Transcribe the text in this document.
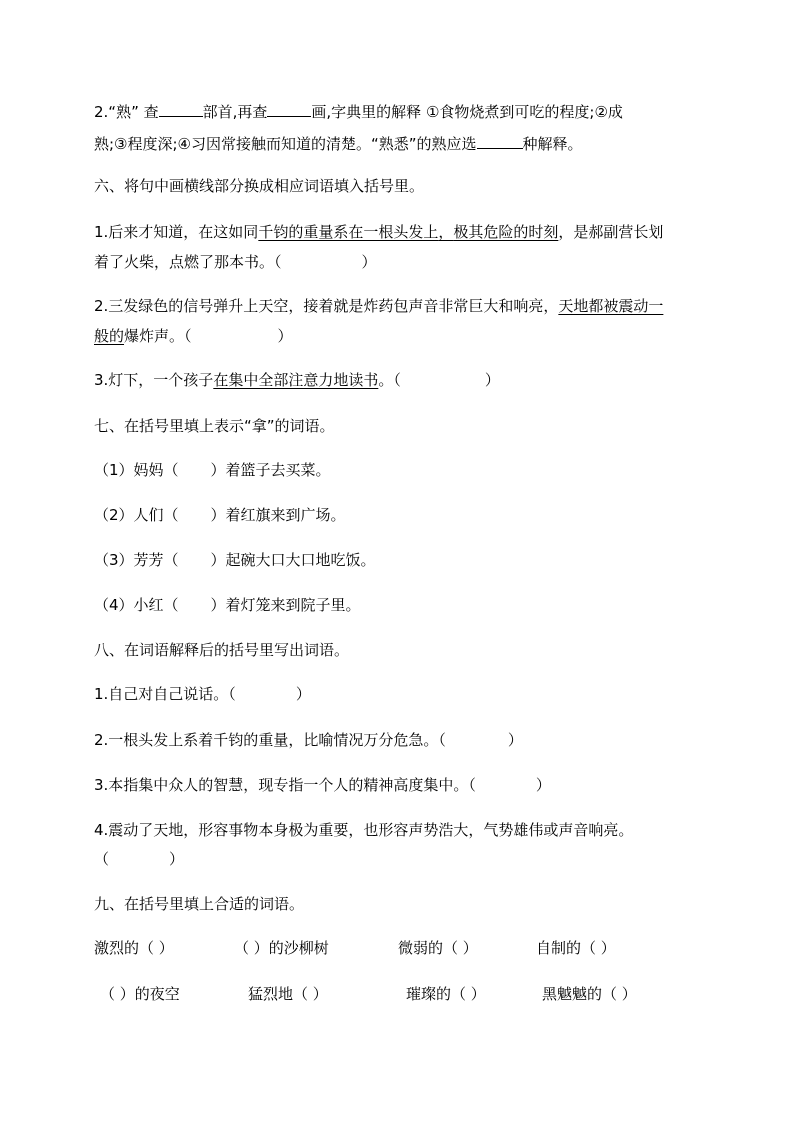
2.“熟” 查	部首,再查	画,字典里的解释 ①食物烧煮到可吃的程度;②成
熟;③程度深;④习因常接触而知道的清楚。“熟悉”的熟应选	种解释。
六、将句中画横线部分换成相应词语填入括号里。
1.后来才知道，在这如同千钧的重量系在一根头发上，极其危险的时刻，是郝副营长划
着了火柴，点燃了那本书。（	）
2.三发绿色的信号弹升上天空，接着就是炸药包声音非常巨大和响亮，天地都被震动一
般的爆炸声。（	）
3.灯下，一个孩子在集中全部注意力地读书。（	）
七、在括号里填上表示“拿”的词语。
（1）妈妈（ ）着篮子去买菜。
（2）人们（ ）着红旗来到广场。
（3）芳芳（ ）起碗大口大口地吃饭。
（4）小红（ ）着灯笼来到院子里。
八、在词语解释后的括号里写出词语。
1.自己对自己说话。（	）
2.一根头发上系着千钧的重量，比喻情况万分危急。（	）
3.本指集中众人的智慧，现专指一个人的精神高度集中。（	）
4.震动了天地，形容事物本身极为重要，也形容声势浩大，气势雄伟或声音响亮。
（	）
九、在括号里填上合适的词语。
激烈的（ ）	（ ）的沙柳树	微弱的（ ）	自制的（ ）
（ ）的夜空	猛烈地（ ）	璀璨的（ ）	黑魆魆的（ ）
